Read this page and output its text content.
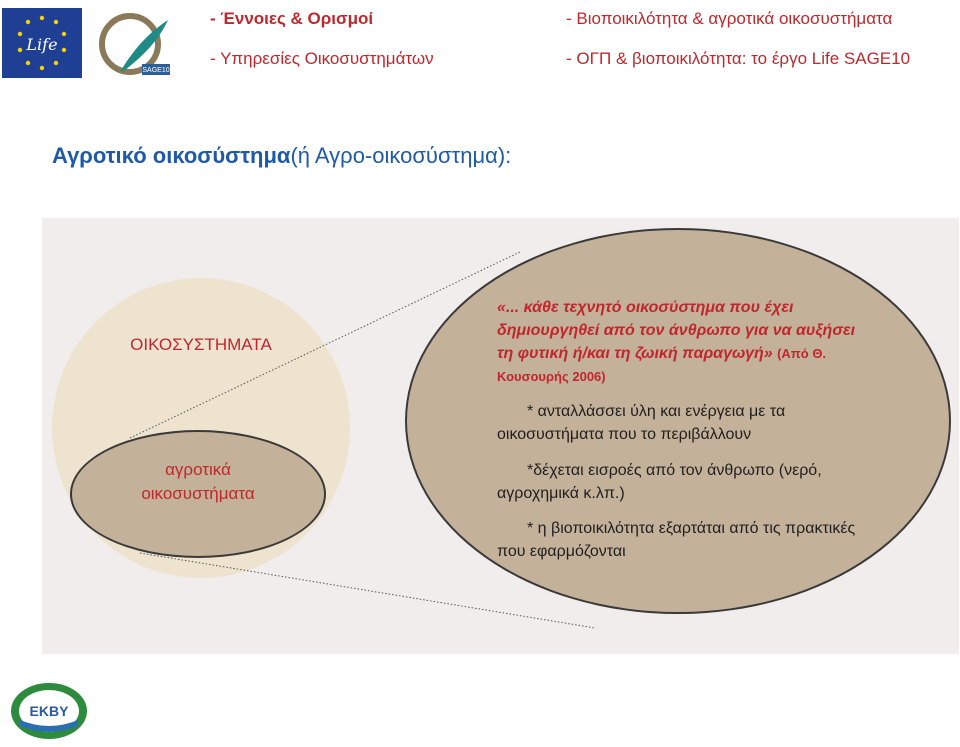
Life
SAGE10
- Έννοιες & Ορισμοί
- Υπηρεσίες Οικοσυστημάτων
- Βιοποικιλότητα & αγροτικά οικοσυστήματα
- ΟΓΠ & βιοποικιλότητα: το έργο Life SAGE10
Αγροτικό οικοσύστημα(ή Αγρο-οικοσύστημα):
ΟΙΚΟΣΥΣΤΗΜΑΤΑ
αγροτικά
οικοσυστήματα
«... κάθε τεχνητό οικοσύστημα που έχει δημιουργηθεί από τον άνθρωπο για να αυξήσει τη φυτική ή/και τη ζωική παραγωγή» (Από Θ. Κουσουρής 2006)
* ανταλλάσσει ύλη και ενέργεια με τα οικοσυστήματα που το περιβάλλουν
*δέχεται εισροές από τον άνθρωπο (νερό, αγροχημικά κ.λπ.)
* η βιοποικιλότητα εξαρτάται από τις πρακτικές που εφαρμόζονται
ΕΚΒΥ
